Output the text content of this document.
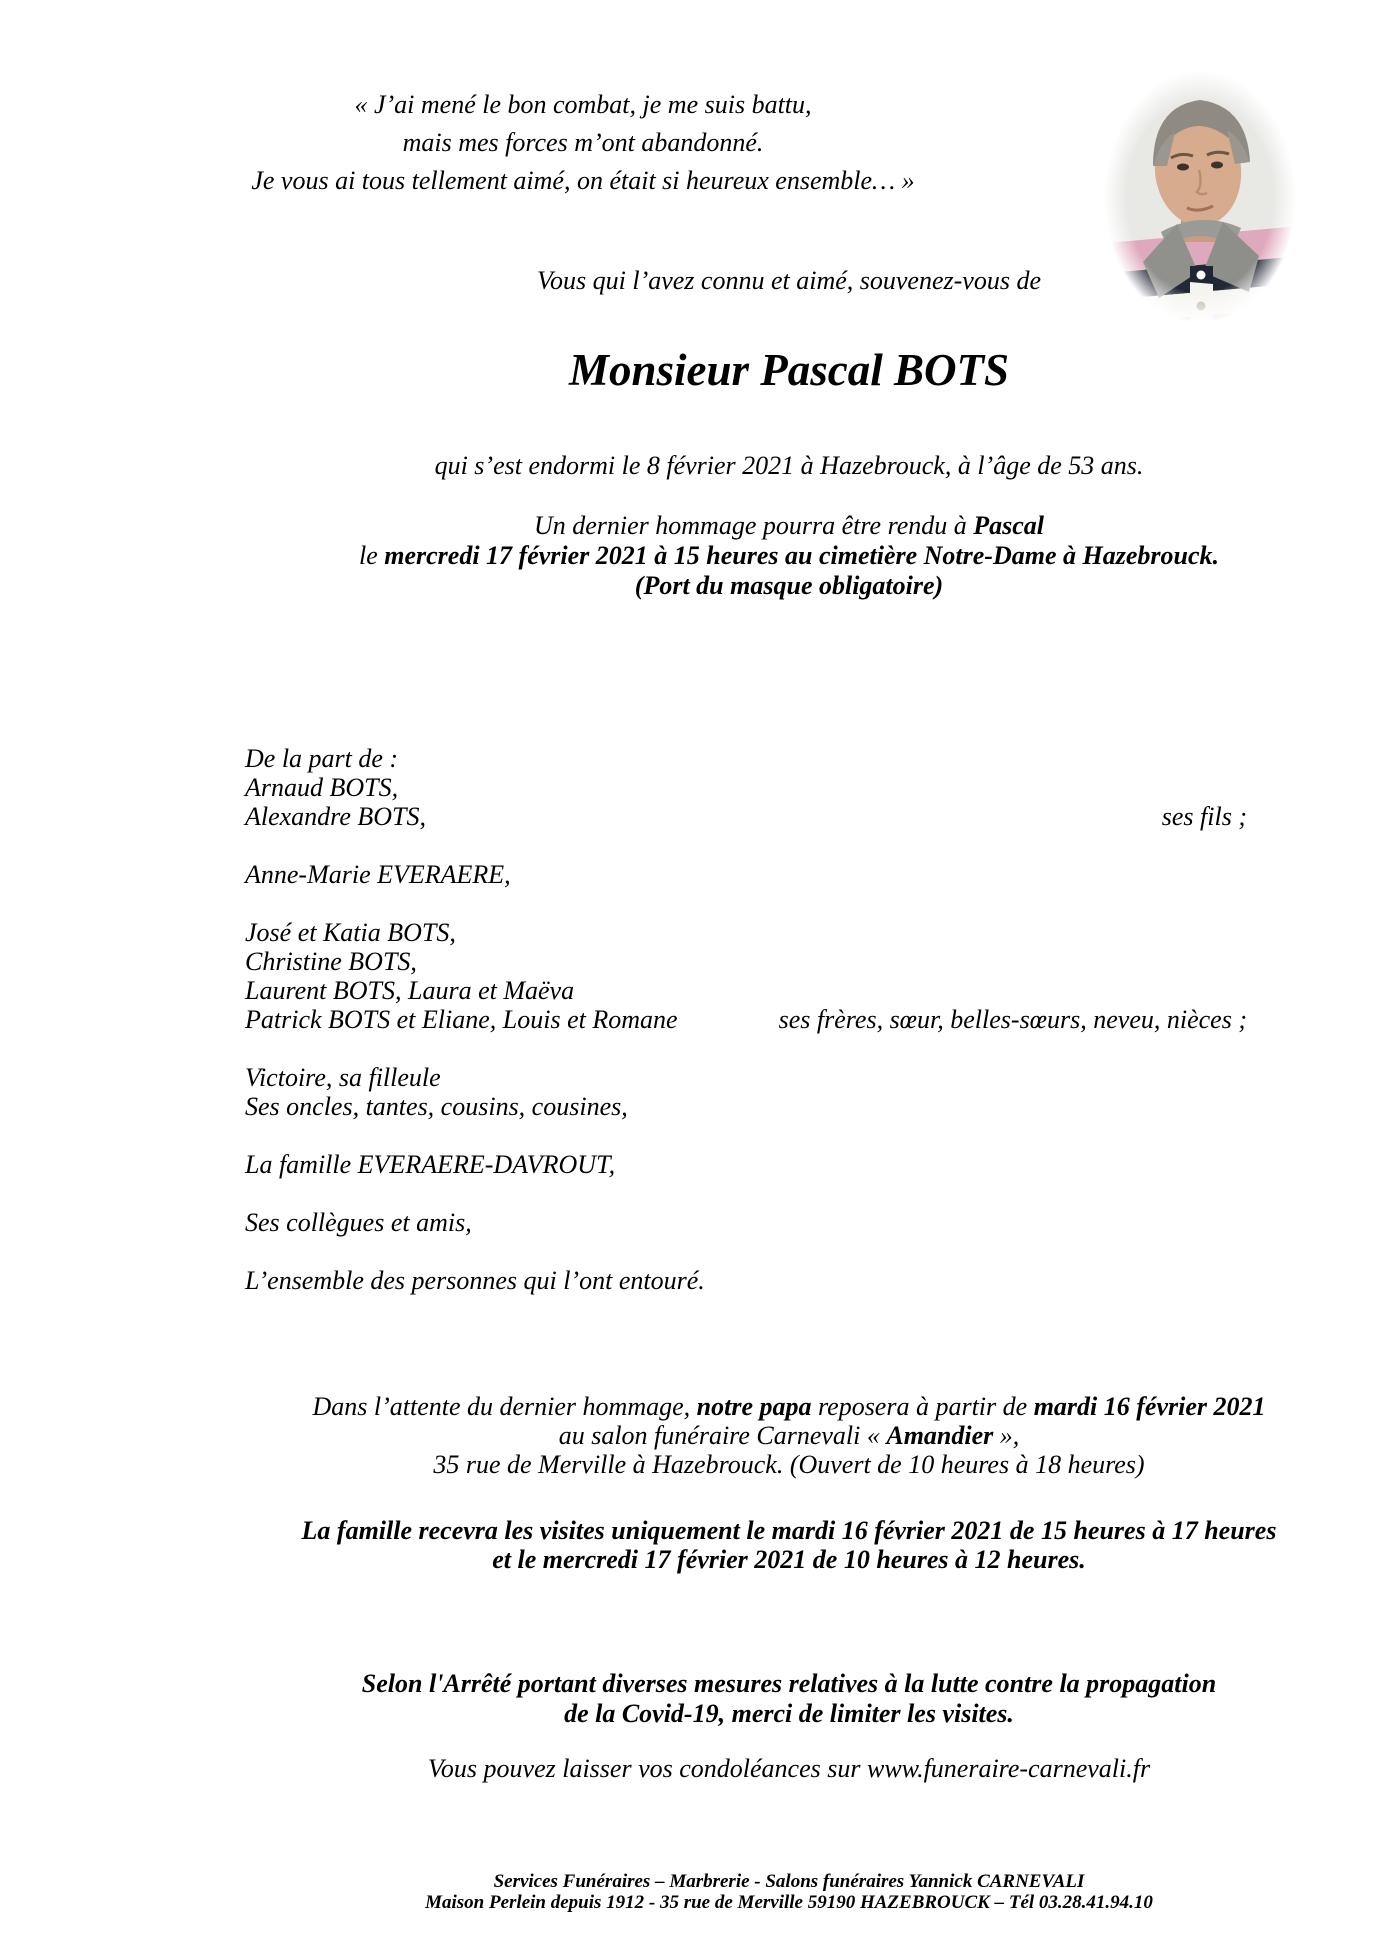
« J’ai mené le bon combat, je me suis battu,
mais mes forces m’ont abandonné.
Je vous ai tous tellement aimé, on était si heureux ensemble… »
Vous qui l’avez connu et aimé, souvenez-vous de
Monsieur Pascal BOTS
qui s’est endormi le 8 février 2021 à Hazebrouck, à l’âge de 53 ans.
Un dernier hommage pourra être rendu à Pascal
le mercredi 17 février 2021 à 15 heures au cimetière Notre-Dame à Hazebrouck.
(Port du masque obligatoire)
De la part de :
Arnaud BOTS,
Alexandre BOTS,	ses fils ;
Anne-Marie EVERAERE,
José et Katia BOTS,
Christine BOTS,
Laurent BOTS, Laura et Maëva
Patrick BOTS et Eliane, Louis et Romane	ses frères, sœur, belles-sœurs, neveu, nièces ;
Victoire, sa filleule
Ses oncles, tantes, cousins, cousines,
La famille EVERAERE-DAVROUT,
Ses collègues et amis,
L’ensemble des personnes qui l’ont entouré.
Dans l’attente du dernier hommage, notre papa reposera à partir de mardi 16 février 2021
au salon funéraire Carnevali « Amandier »,
35 rue de Merville à Hazebrouck. (Ouvert de 10 heures à 18 heures)
La famille recevra les visites uniquement le mardi 16 février 2021 de 15 heures à 17 heures
et le mercredi 17 février 2021 de 10 heures à 12 heures.
Selon l'Arrêté portant diverses mesures relatives à la lutte contre la propagation
de la Covid-19, merci de limiter les visites.
Vous pouvez laisser vos condoléances sur www.funeraire-carnevali.fr
Services Funéraires – Marbrerie - Salons funéraires Yannick CARNEVALI
Maison Perlein depuis 1912 - 35 rue de Merville 59190 HAZEBROUCK – Tél 03.28.41.94.10
